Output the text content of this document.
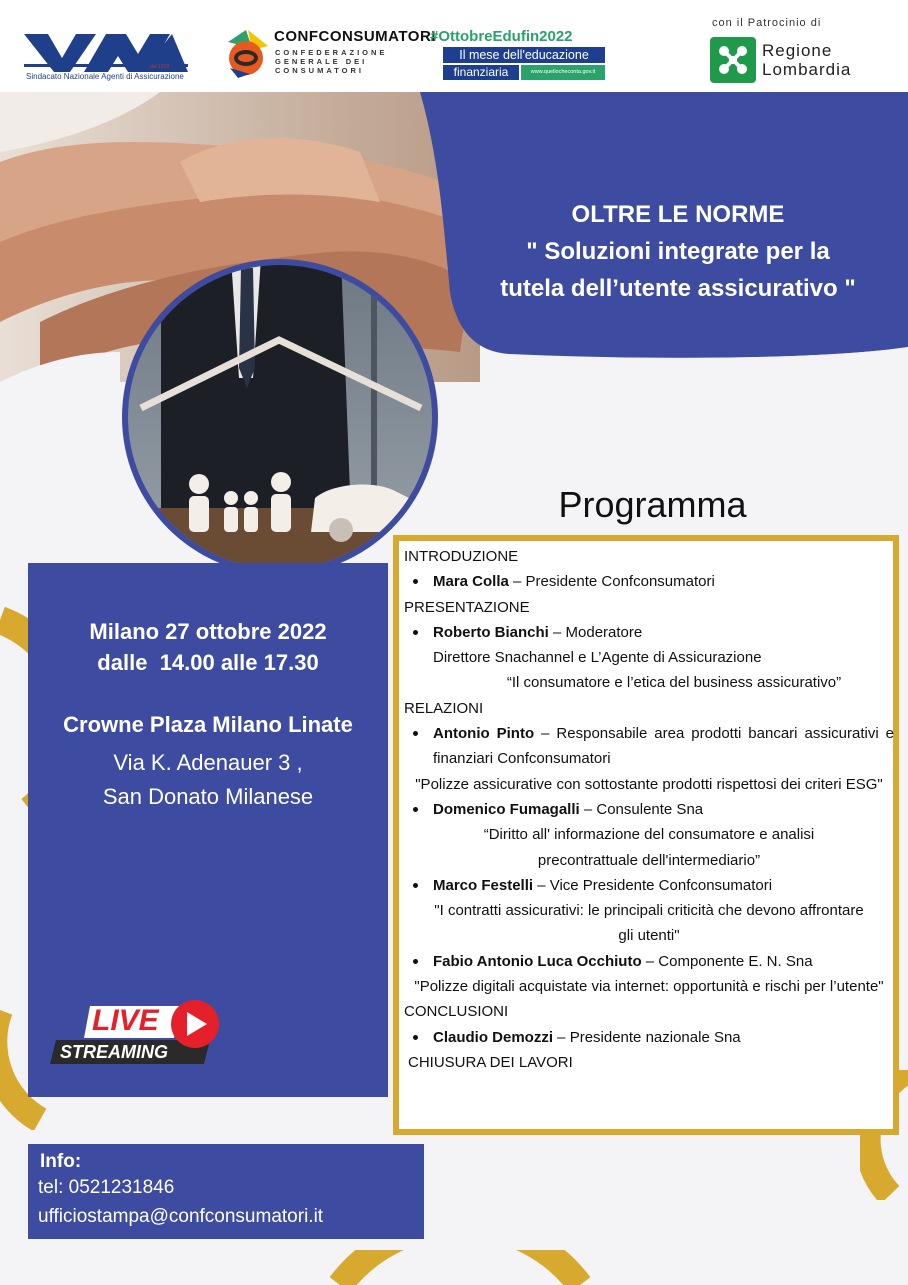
dal 1919
Sindacato Nazionale Agenti di Assicurazione
CONFCONSUMATORI
CONFEDERAZIONE GENERALE DEI CONSUMATORI
#OttobreEdufin2022
Il mese dell'educazione
finanziaria	www.quellocheconta.gov.it
con il Patrocinio di
Regione
Lombardia
OLTRE LE NORME
" Soluzioni integrate per la
tutela dell’utente assicurativo "
Programma
Milano 27 ottobre 2022
dalle  14.00 alle 17.30
Crowne Plaza Milano Linate
Via K. Adenauer 3 ,
San Donato Milanese
LIVE
STREAMING

INTRODUZIONE

Mara Colla – Presidente Confconsumatori

PRESENTAZIONE

Roberto Bianchi – Moderatore

Direttore Snachannel e L’Agente di Assicurazione

“Il consumatore e l’etica del business assicurativo”

RELAZIONI

Antonio Pinto – Responsabile area prodotti bancari assicurativi e finanziari Confconsumatori

"Polizze assicurative con sottostante prodotti rispettosi dei criteri ESG"

Domenico Fumagalli – Consulente Sna

“Diritto all' informazione del consumatore e analisi precontrattuale dell'intermediario”

Marco Festelli – Vice Presidente Confconsumatori

"I contratti assicurativi: le principali criticità che devono affrontare gli utenti"

Fabio Antonio Luca Occhiuto – Componente E. N. Sna

"Polizze digitali acquistate via internet: opportunità e rischi per l’utente"

CONCLUSIONI

Claudio Demozzi – Presidente nazionale Sna

CHIUSURA DEI LAVORI

Info:
tel: 0521231846
ufficiostampa@confconsumatori.it
